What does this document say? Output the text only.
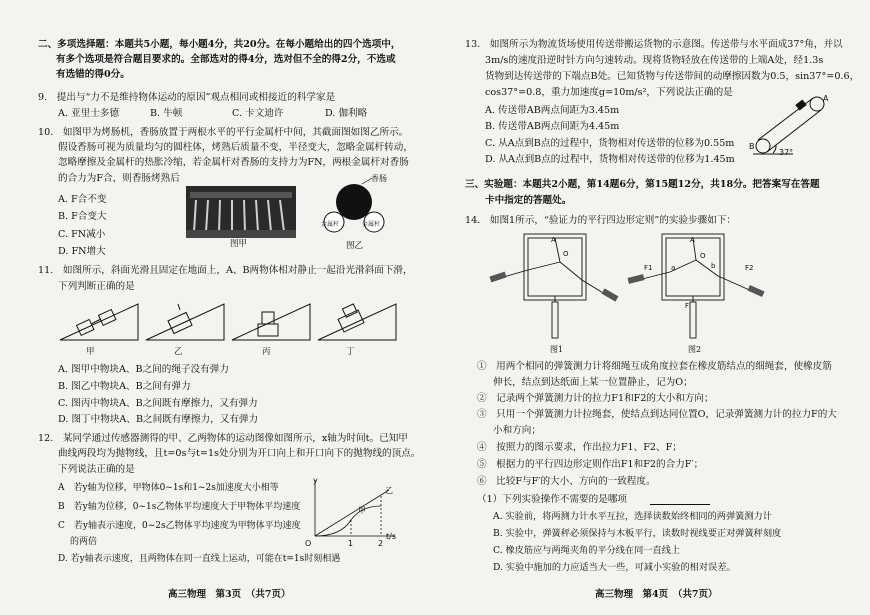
二、多项选择题：本题共5小题，每小题4分，共20分。在每小题给出的四个选项中，
有多个选项是符合题目要求的。全部选对的得4分，选对但不全的得2分，不选或
有选错的得0分。
9.　提出与“力不是维持物体运动的原因”观点相同或相接近的科学家是
A. 亚里士多德	B. 牛顿	C. 卡文迪许	D. 伽利略
10.　如图甲为烤肠机，香肠放置于两根水平的平行金属杆中间，其截面图如图乙所示。
假设香肠可视为质量均匀的圆柱体，烤熟后质量不变，半径变大，忽略金属杆转动，
忽略摩擦及金属杆的热胀冷缩，若金属杆对香肠的支持力为FN，两根金属杆对香肠
的合力为F合，则香肠烤熟后
A. F合不变
B. F合变大
C. FN减小
D. FN增大
图甲
香肠
金属杆	金属杆
图乙
11.　如图所示，斜面光滑且固定在地面上，A、B两物体相对静止一起沿光滑斜面下滑，
下列判断正确的是
甲	乙	丙	丁
A. 图甲中物块A、B之间的绳子没有弹力
B. 图乙中物块A、B之间有弹力
C. 图丙中物块A、B之间既有摩擦力，又有弹力
D. 图丁中物块A、B之间既有摩擦力，又有弹力
12.　某同学通过传感器测得的甲、乙两物体的运动图像如图所示，x轴为时间t。已知甲
曲线两段均为抛物线，且t=0s与t=1s处分别为开口向上和开口向下的抛物线的顶点。
下列说法正确的是
A　若y轴为位移，甲物体0~1s和1~2s加速度大小相等
B　若y轴为位移，0~1s乙物体平均速度大于甲物体平均速度
C　若y轴表示速度，0~2s乙物体平均速度为甲物体平均速度
的两倍
D. 若y轴表示速度，且两物体在同一直线上运动，可能在t=1s时刻相遇
y
乙
甲
O	1	2
t/s
高三物理　第3页　（共7页）
13.　如图所示为物流货场使用传送带搬运货物的示意图。传送带与水平面成37°角，并以
3m/s的速度沿逆时针方向匀速转动。现将货物轻放在传送带的上端A处，经1.3s
货物到达传送带的下端点B处。已知货物与传送带间的动摩擦因数为0.5，sin37°=0.6，
cos37°=0.8，重力加速度g=10m/s²，下列说法正确的是
A. 传送带AB两点间距为3.45m
B. 传送带AB两点间距为4.45m
C. 从A点到B点的过程中，货物相对传送带的位移为0.55m
D. 从A点到B点的过程中，货物相对传送带的位移为1.45m
A
B
37°
三、实验题：本题共2小题，第14题6分，第15题12分，共18分。把答案写在答题
卡中指定的答题处。
14.　如图1所示，“验证力的平行四边形定则”的实验步骤如下：
A
O
图1
A
O
F1	F2
a	b
F
图2
①　用两个相同的弹簧测力计将细绳互成角度拉套在橡皮筋结点的细绳套，使橡皮筋
伸长，结点到达纸面上某一位置静止，记为O；
②　记录两个弹簧测力计的拉力F1和F2的大小和方向；
③　只用一个弹簧测力计拉绳套，使结点到达同位置O，记录弹簧测力计的拉力F的大
小和方向；
④　按照力的图示要求，作出拉力F1、F2、F；
⑤　根据力的平行四边形定则作出F1和F2的合力F′；
⑥　比较F与F′的大小、方向的一致程度。
（1）下列实验操作不需要的是哪项
A. 实验前，将两测力计水平互拉，选择读数始终相同的两弹簧测力计
B. 实验中，弹簧秤必须保持与木板平行，读数时视线要正对弹簧秤刻度
C. 橡皮筋应与两绳夹角的平分线在同一直线上
D. 实验中施加的力应适当大一些，可减小实验的相对误差。
高三物理　第4页　（共7页）
